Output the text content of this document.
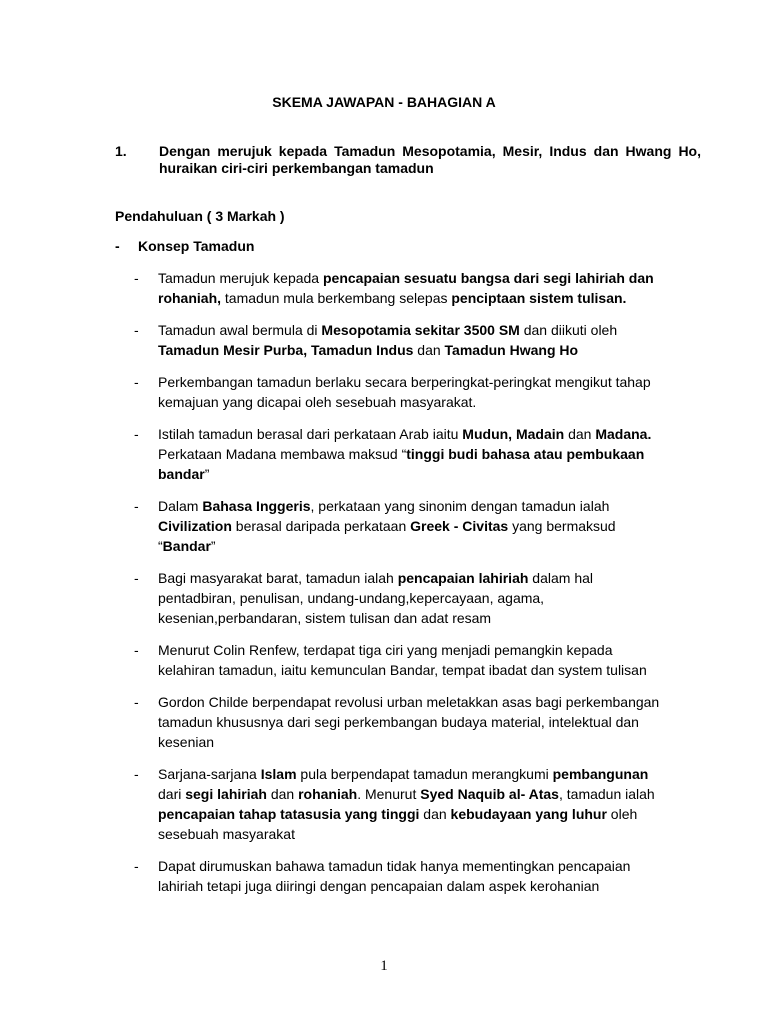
SKEMA JAWAPAN - BAHAGIAN A
1. Dengan merujuk kepada Tamadun Mesopotamia, Mesir, Indus dan Hwang Ho, huraikan ciri-ciri perkembangan tamadun
Pendahuluan ( 3 Markah )
- Konsep Tamadun
- Tamadun merujuk kepada pencapaian sesuatu bangsa dari segi lahiriah dan rohaniah, tamadun mula berkembang selepas penciptaan sistem tulisan.
- Tamadun awal bermula di Mesopotamia sekitar 3500 SM dan diikuti oleh Tamadun Mesir Purba, Tamadun Indus dan Tamadun Hwang Ho
- Perkembangan tamadun berlaku secara berperingkat-peringkat mengikut tahap kemajuan yang dicapai oleh sesebuah masyarakat.
- Istilah tamadun berasal dari perkataan Arab iaitu Mudun, Madain dan Madana. Perkataan Madana membawa maksud “tinggi budi bahasa atau pembukaan bandar”
- Dalam Bahasa Inggeris, perkataan yang sinonim dengan tamadun ialah Civilization berasal daripada perkataan Greek - Civitas yang bermaksud “Bandar”
- Bagi masyarakat barat, tamadun ialah pencapaian lahiriah dalam hal pentadbiran, penulisan, undang-undang,kepercayaan, agama, kesenian,perbandaran, sistem tulisan dan adat resam
- Menurut Colin Renfew, terdapat tiga ciri yang menjadi pemangkin kepada kelahiran tamadun, iaitu kemunculan Bandar, tempat ibadat dan system tulisan
- Gordon Childe berpendapat revolusi urban meletakkan asas bagi perkembangan tamadun khususnya dari segi perkembangan budaya material, intelektual dan kesenian
- Sarjana-sarjana Islam pula berpendapat tamadun merangkumi pembangunan dari segi lahiriah dan rohaniah. Menurut Syed Naquib al- Atas, tamadun ialah pencapaian tahap tatasusia yang tinggi dan kebudayaan yang luhur oleh sesebuah masyarakat
- Dapat dirumuskan bahawa tamadun tidak hanya mementingkan pencapaian lahiriah tetapi juga diiringi dengan pencapaian dalam aspek kerohanian
1
